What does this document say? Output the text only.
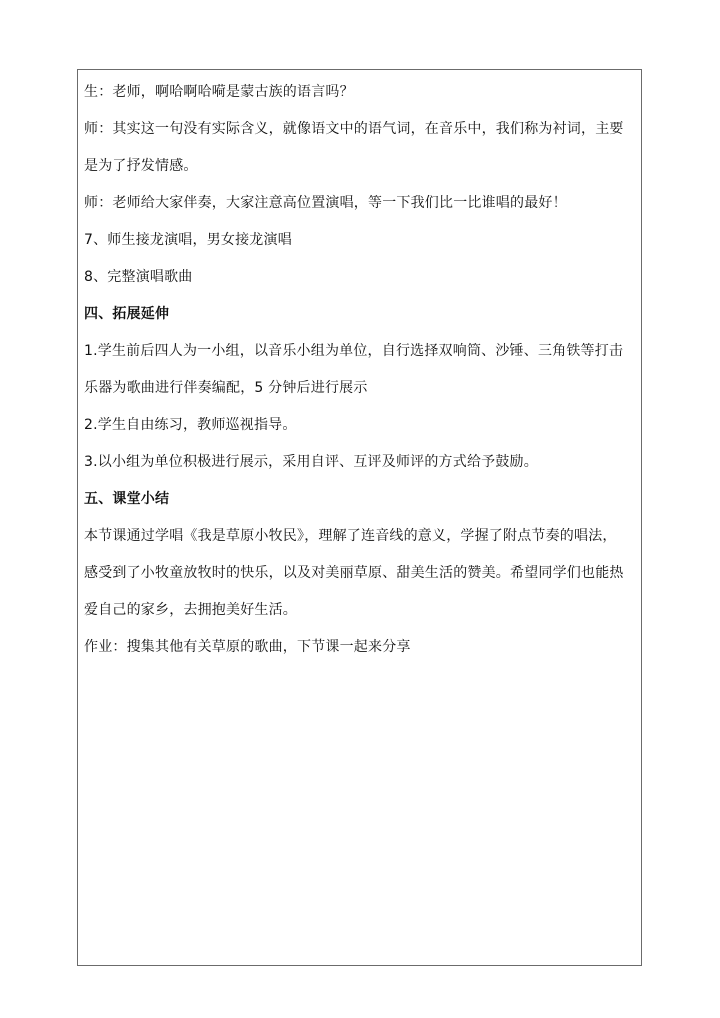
生：老师，啊哈啊哈嗬是蒙古族的语言吗？
师：其实这一句没有实际含义，就像语文中的语气词，在音乐中，我们称为衬词，主要
是为了抒发情感。
师：老师给大家伴奏，大家注意高位置演唱，等一下我们比一比谁唱的最好！
7、师生接龙演唱，男女接龙演唱
8、完整演唱歌曲
四、拓展延伸
1.学生前后四人为一小组，以音乐小组为单位，自行选择双响筒、沙锤、三角铁等打击
乐器为歌曲进行伴奏编配，5 分钟后进行展示
2.学生自由练习，教师巡视指导。
3.以小组为单位积极进行展示，采用自评、互评及师评的方式给予鼓励。
五、课堂小结
本节课通过学唱《我是草原小牧民》，理解了连音线的意义，学握了附点节奏的唱法，
感受到了小牧童放牧时的快乐，以及对美丽草原、甜美生活的赞美。希望同学们也能热
爱自己的家乡，去拥抱美好生活。
作业：搜集其他有关草原的歌曲，下节课一起来分享
